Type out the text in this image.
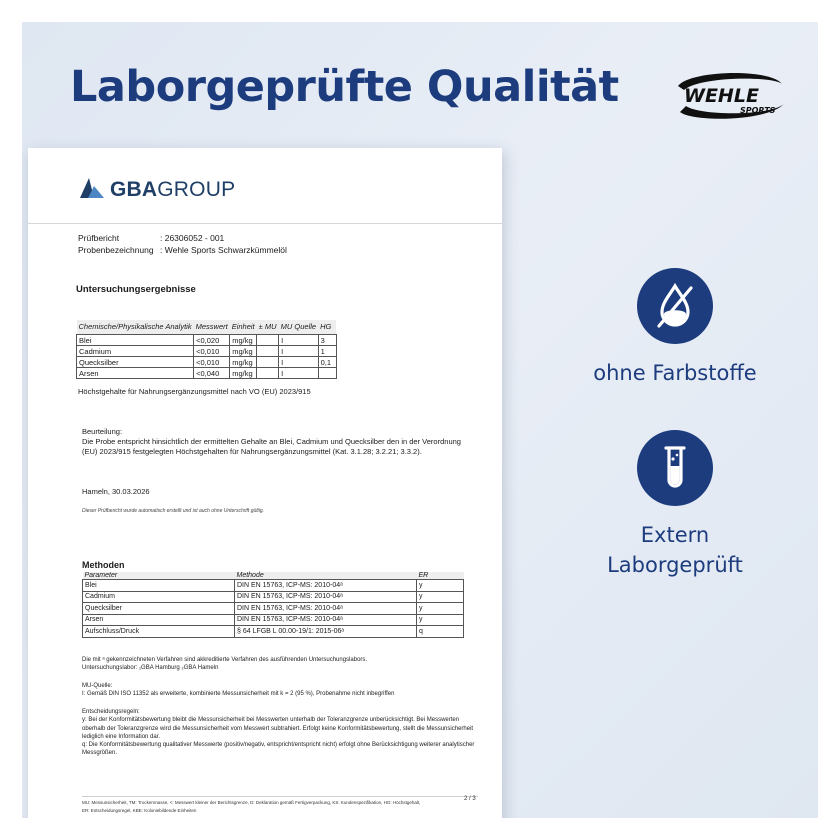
Laborgeprüfte Qualität	WEHLE
SPORTS
GBAGROUP
Prüfbericht	: 26306052 - 001
Probenbezeichnung : Wehle Sports Schwarzkümmelöl
Untersuchungsergebnisse
Chemische/Physikalische Analytik	Messwert	Einheit	± MU	MU Quelle	HG
Blei	<0,020	mg/kg		I	3
Cadmium	<0,010	mg/kg		I	1
Quecksilber	<0,010	mg/kg		I	0,1
Arsen	<0,040	mg/kg		I	
Höchstgehalte für Nahrungsergänzungsmittel nach VO (EU) 2023/915
Beurteilung:
Die Probe entspricht hinsichtlich der ermittelten Gehalte an Blei, Cadmium und Quecksilber den in der Verordnung (EU) 2023/915 festgelegten Höchstgehalten für Nahrungsergänzungsmittel (Kat. 3.1.28; 3.2.21; 3.3.2).
Hameln, 30.03.2026
Dieser Prüfbericht wurde automatisch erstellt und ist auch ohne Unterschrift gültig.
Methoden
Parameter	Methode	ER
Blei	DIN EN 15763, ICP-MS: 2010-04ᵃ	y
Cadmium	DIN EN 15763, ICP-MS: 2010-04ᵃ	y
Quecksilber	DIN EN 15763, ICP-MS: 2010-04ᵃ	y
Arsen	DIN EN 15763, ICP-MS: 2010-04ᵃ	y
Aufschluss/Druck	§ 64 LFGB L 00.00-19/1: 2015-06ᵃ	q
Die mit ᵃ gekennzeichneten Verfahren sind akkreditierte Verfahren des ausführenden Untersuchungslabors.
Untersuchungslabor: ₁GBA Hamburg ₂GBA Hameln
MU-Quelle:
I: Gemäß DIN ISO 11352 als erweiterte, kombinierte Messunsicherheit mit k = 2 (95 %), Probenahme nicht inbegriffen
Entscheidungsregeln:
y: Bei der Konformitätsbewertung bleibt die Messunsicherheit bei Messwerten unterhalb der Toleranzgrenze unberücksichtigt. Bei Messwerten oberhalb der Toleranzgrenze wird die Messunsicherheit vom Messwert subtrahiert. Erfolgt keine Konformitätsbewertung, stellt die Messunsicherheit lediglich eine Information dar.
q: Die Konformitätsbewertung qualitativer Messwerte (positiv/negativ, entspricht/entspricht nicht) erfolgt ohne Berücksichtigung weiterer analytischer Messgrößen.
MU: Messunsicherheit, TM: Trockenmasse, <: Messwert kleiner der Berichtsgrenze, D: Deklaration gemäß Fertigverpackung, KS: Kundenspezifikation, HG: Höchstgehalt,
ER: Entscheidungsregel, KBE: Koloniebildende Einheiten
2 / 3
ohne Farbstoffe
Extern
Laborgeprüft
